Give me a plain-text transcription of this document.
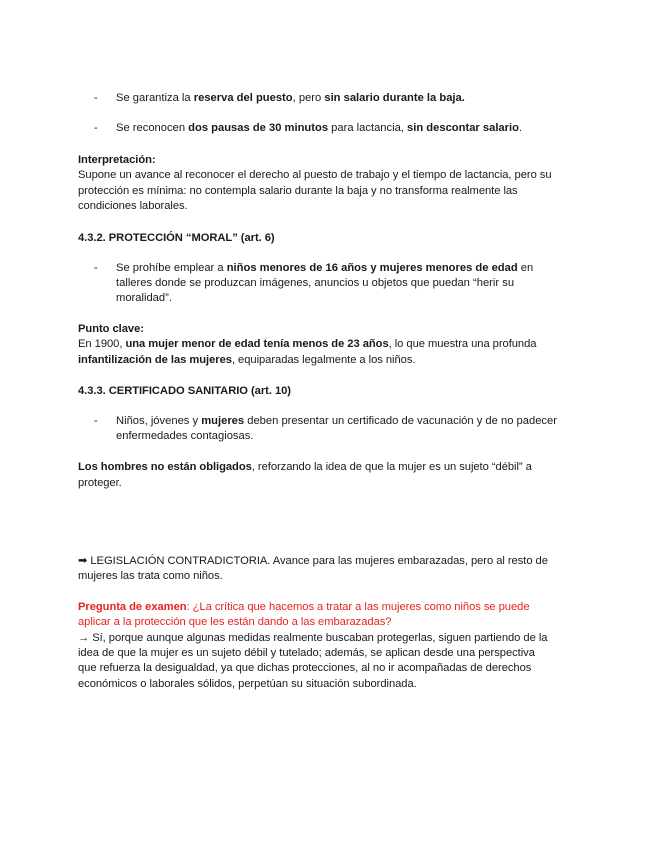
-	Se garantiza la reserva del puesto, pero sin salario durante la baja.
-	Se reconocen dos pausas de 30 minutos para lactancia, sin descontar salario.
Interpretación:
Supone un avance al reconocer el derecho al puesto de trabajo y el tiempo de lactancia, pero su
protección es mínima: no contempla salario durante la baja y no transforma realmente las
condiciones laborales.
4.3.2. PROTECCIÓN “MORAL” (art. 6)
-	Se prohíbe emplear a niños menores de 16 años y mujeres menores de edad en
talleres donde se produzcan imágenes, anuncios u objetos que puedan “herir su
moralidad”.
Punto clave:
En 1900, una mujer menor de edad tenía menos de 23 años, lo que muestra una profunda
infantilización de las mujeres, equiparadas legalmente a los niños.
4.3.3. CERTIFICADO SANITARIO (art. 10)
-	Niños, jóvenes y mujeres deben presentar un certificado de vacunación y de no padecer
enfermedades contagiosas.
Los hombres no están obligados, reforzando la idea de que la mujer es un sujeto “débil” a
proteger.
➡ LEGISLACIÓN CONTRADICTORIA. Avance para las mujeres embarazadas, pero al resto de
mujeres las trata como niños.
Pregunta de examen: ¿La crítica que hacemos a tratar a las mujeres como niños se puede
aplicar a la protección que les están dando a las embarazadas?
→ Sí, porque aunque algunas medidas realmente buscaban protegerlas, siguen partiendo de la
idea de que la mujer es un sujeto débil y tutelado; además, se aplican desde una perspectiva
que refuerza la desigualdad, ya que dichas protecciones, al no ir acompañadas de derechos
económicos o laborales sólidos, perpetúan su situación subordinada.
